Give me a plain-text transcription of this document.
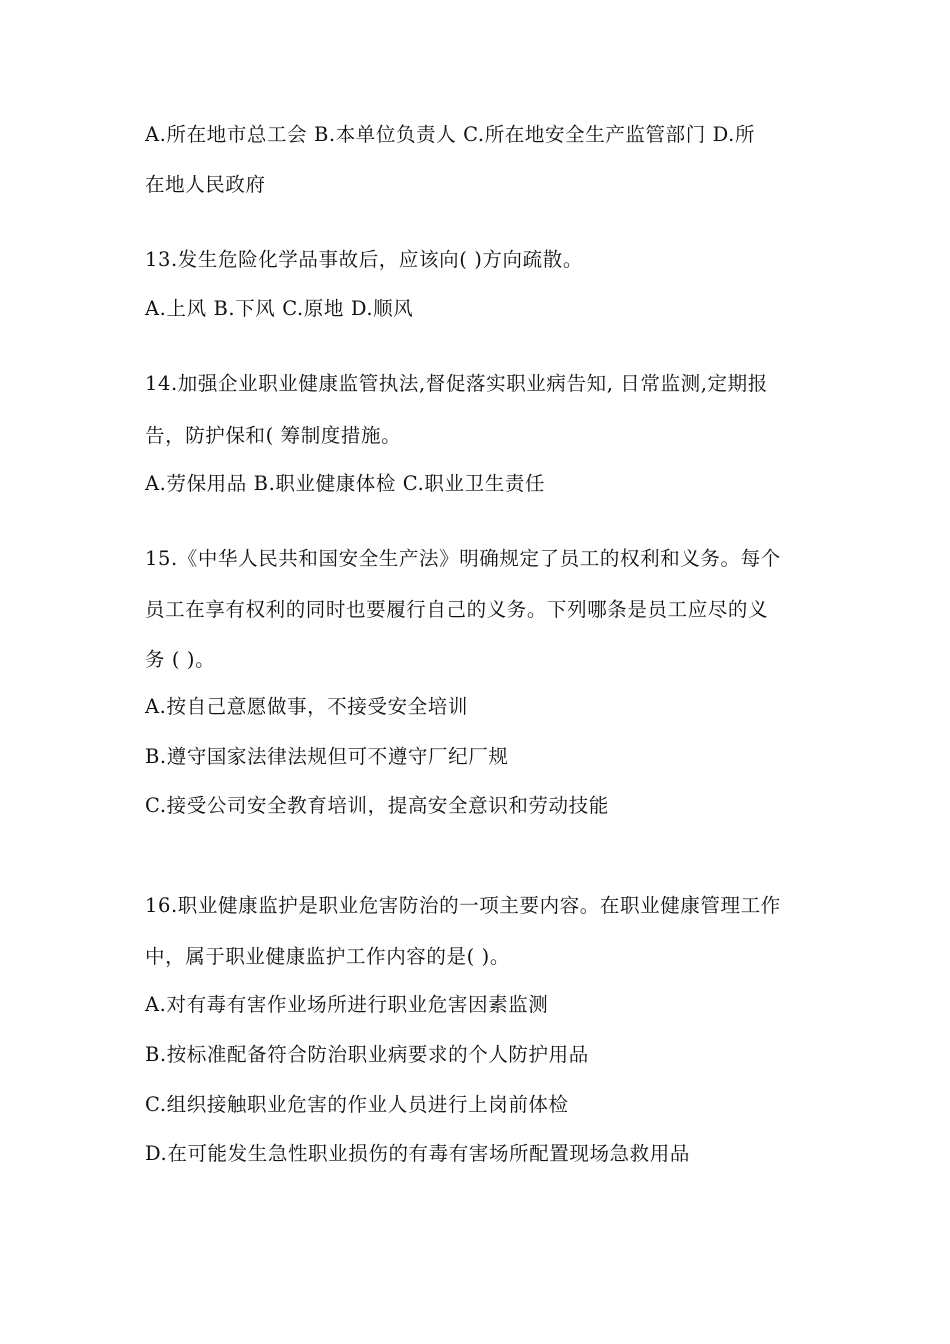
A.所在地市总工会 B.本单位负责人 C.所在地安全生产监管部门 D.所
在地人民政府
13.发生危险化学品事故后，应该向( )方向疏散。
A.上风 B.下风 C.原地 D.顺风
14.加强企业职业健康监管执法,督促落实职业病告知, 日常监测,定期报
告，防护保和( 筹制度措施。
A.劳保用品 B.职业健康体检 C.职业卫生责任
15.《中华人民共和国安全生产法》明确规定了员工的权利和义务。每个
员工在享有权利的同时也要履行自己的义务。下列哪条是员工应尽的义
务 ( )。
A.按自己意愿做事，不接受安全培训
B.遵守国家法律法规但可不遵守厂纪厂规
C.接受公司安全教育培训，提高安全意识和劳动技能
16.职业健康监护是职业危害防治的一项主要内容。在职业健康管理工作
中，属于职业健康监护工作内容的是( )。
A.对有毒有害作业场所进行职业危害因素监测
B.按标准配备符合防治职业病要求的个人防护用品
C.组织接触职业危害的作业人员进行上岗前体检
D.在可能发生急性职业损伤的有毒有害场所配置现场急救用品
